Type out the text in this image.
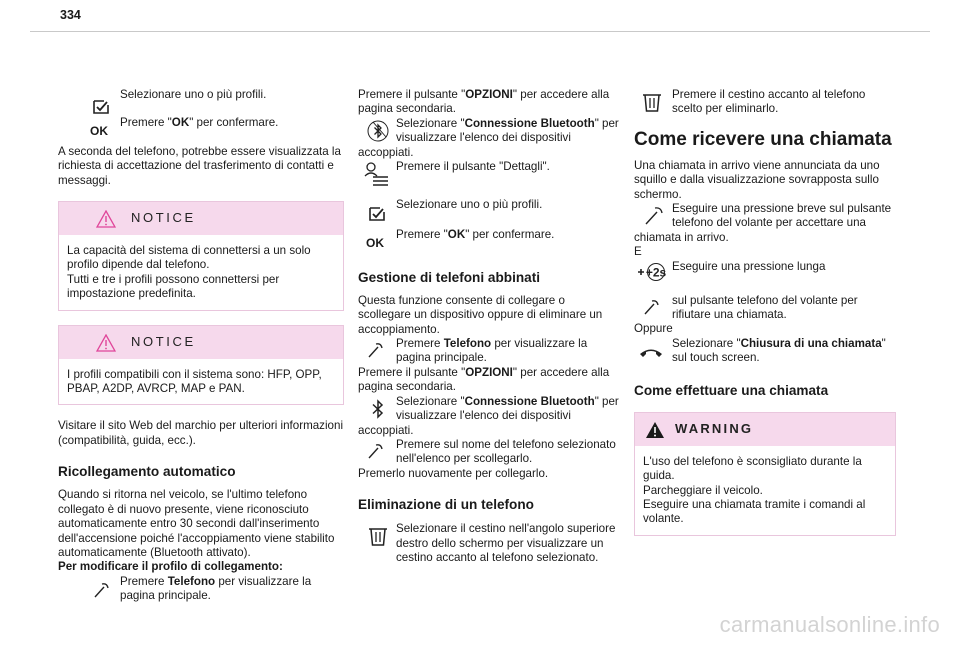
334

Selezionare uno o più profili.

OK

Premere "OK" per confermare.

A seconda del telefono, potrebbe essere visualizzata la richiesta di accettazione del trasferimento di contatti e messaggi.

NOTICE

La capacità del sistema di connettersi a un solo profilo dipende dal telefono.

Tutti e tre i profili possono connettersi per impostazione predefinita.

NOTICE

I profili compatibili con il sistema sono: HFP, OPP, PBAP, A2DP, AVRCP, MAP e PAN.

Visitare il sito Web del marchio per ulteriori informazioni (compatibilità, guida, ecc.).

Ricollegamento automatico

Quando si ritorna nel veicolo, se l'ultimo telefono collegato è di nuovo presente, viene riconosciuto automaticamente entro 30 secondi dall'inserimento dell'accensione poiché l'accoppiamento viene stabilito automaticamente (Bluetooth attivato).

Per modificare il profilo di collegamento:

Premere Telefono per visualizzare la pagina principale.

Premere il pulsante "OPZIONI" per accedere alla pagina secondaria.

Selezionare "Connessione Bluetooth" per visualizzare l'elenco dei dispositivi accoppiati.

Premere il pulsante "Dettagli".

Selezionare uno o più profili.

OK

Premere "OK" per confermare.

Gestione di telefoni abbinati

Questa funzione consente di collegare o scollegare un dispositivo oppure di eliminare un accoppiamento.

Premere Telefono per visualizzare la pagina principale.

Premere il pulsante "OPZIONI" per accedere alla pagina secondaria.

Selezionare "Connessione Bluetooth" per visualizzare l'elenco dei dispositivi accoppiati.

Premere sul nome del telefono selezionato nell'elenco per scollegarlo.

Premerlo nuovamente per collegarlo.

Eliminazione di un telefono

Selezionare il cestino nell'angolo superiore destro dello schermo per visualizzare un cestino accanto al telefono selezionato.

Premere il cestino accanto al telefono scelto per eliminarlo.

Come ricevere una chiamata

Una chiamata in arrivo viene annunciata da uno squillo e dalla visualizzazione sovrapposta sullo schermo.

Eseguire una pressione breve sul pulsante telefono del volante per accettare una chiamata in arrivo.

E

+2s Eseguire una pressione lunga

sul pulsante telefono del volante per rifiutare una chiamata.

Oppure

Selezionare "Chiusura di una chiamata" sul touch screen.

Come effettuare una chiamata
WARNING

L'uso del telefono è sconsigliato durante la guida.

Parcheggiare il veicolo.

Eseguire una chiamata tramite i comandi al volante.

carmanualsonline.info
